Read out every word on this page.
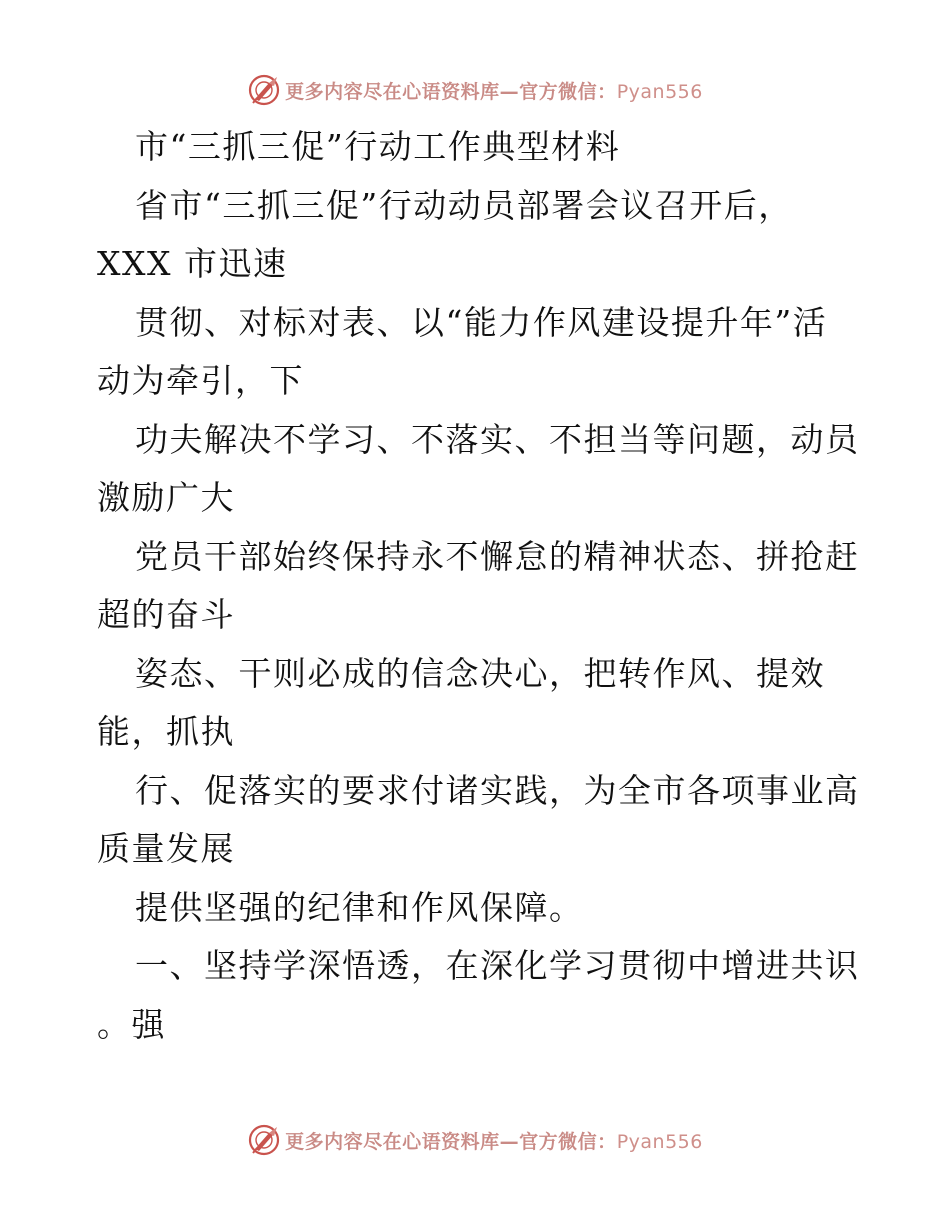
更多内容尽在心语资料库—官方微信：Pyan556
市“三抓三促”行动工作典型材料
省市“三抓三促”行动动员部署会议召开后，
XXX 市迅速
贯彻、对标对表、以“能力作风建设提升年”活
动为牵引，下
功夫解决不学习、不落实、不担当等问题，动员
激励广大
党员干部始终保持永不懈怠的精神状态、拼抢赶
超的奋斗
姿态、干则必成的信念决心，把转作风、提效
能，抓执
行、促落实的要求付诸实践，为全市各项事业高
质量发展
提供坚强的纪律和作风保障。
一、坚持学深悟透，在深化学习贯彻中增进共识
。强
更多内容尽在心语资料库—官方微信：Pyan556
